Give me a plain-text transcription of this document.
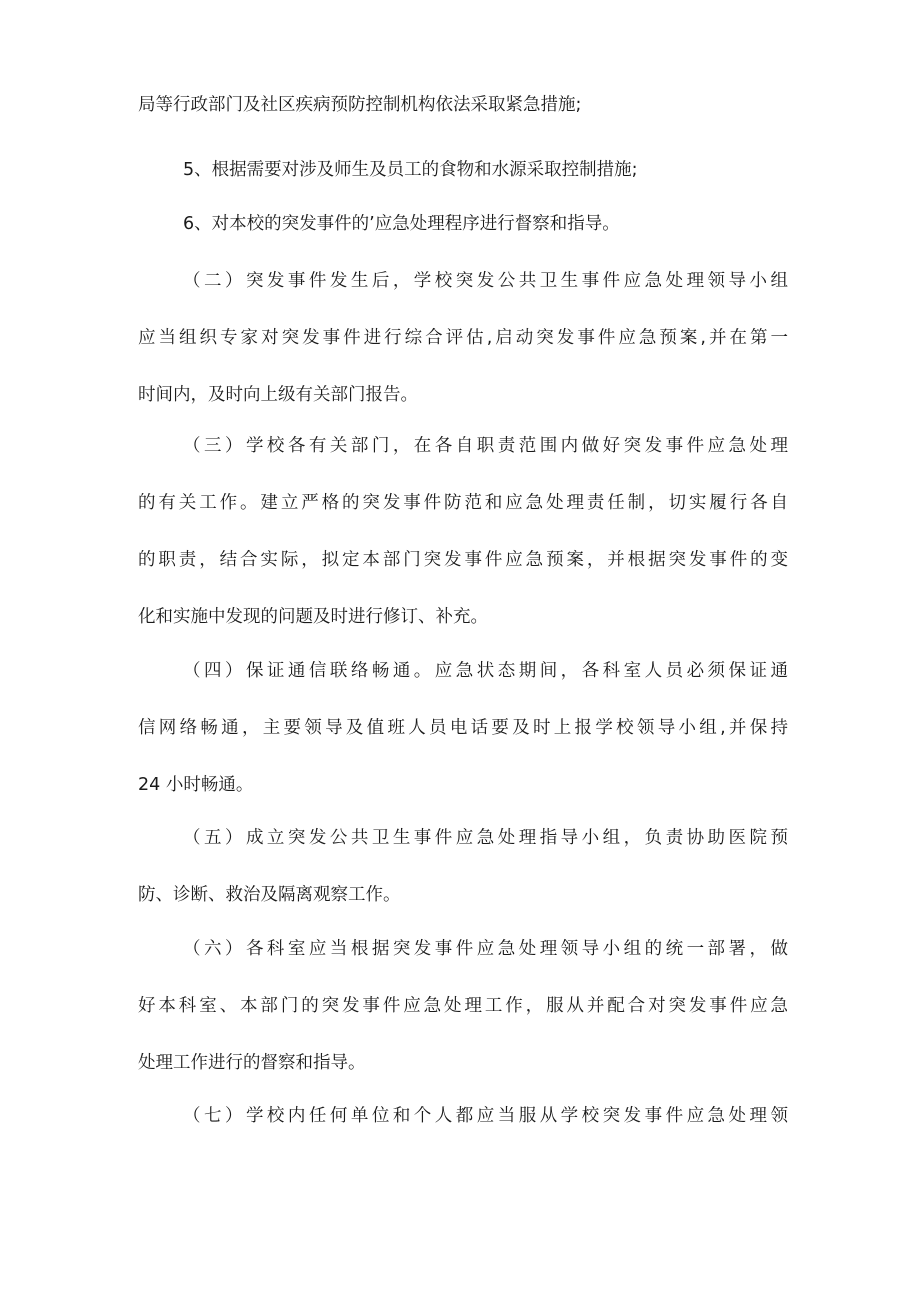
局等行政部门及社区疾病预防控制机构依法采取紧急措施;
5、根据需要对涉及师生及员工的食物和水源采取控制措施;
6、对本校的突发事件的’应急处理程序进行督察和指导。
（二）突发事件发生后，学校突发公共卫生事件应急处理领导小组
应当组织专家对突发事件进行综合评估,启动突发事件应急预案,并在第一
时间内，及时向上级有关部门报告。
（三）学校各有关部门，在各自职责范围内做好突发事件应急处理
的有关工作。建立严格的突发事件防范和应急处理责任制，切实履行各自
的职责，结合实际，拟定本部门突发事件应急预案，并根据突发事件的变
化和实施中发现的问题及时进行修订、补充。
（四）保证通信联络畅通。应急状态期间，各科室人员必须保证通
信网络畅通，主要领导及值班人员电话要及时上报学校领导小组,并保持
24 小时畅通。
（五）成立突发公共卫生事件应急处理指导小组，负责协助医院预
防、诊断、救治及隔离观察工作。
（六）各科室应当根据突发事件应急处理领导小组的统一部署，做
好本科室、本部门的突发事件应急处理工作，服从并配合对突发事件应急
处理工作进行的督察和指导。
（七）学校内任何单位和个人都应当服从学校突发事件应急处理领
